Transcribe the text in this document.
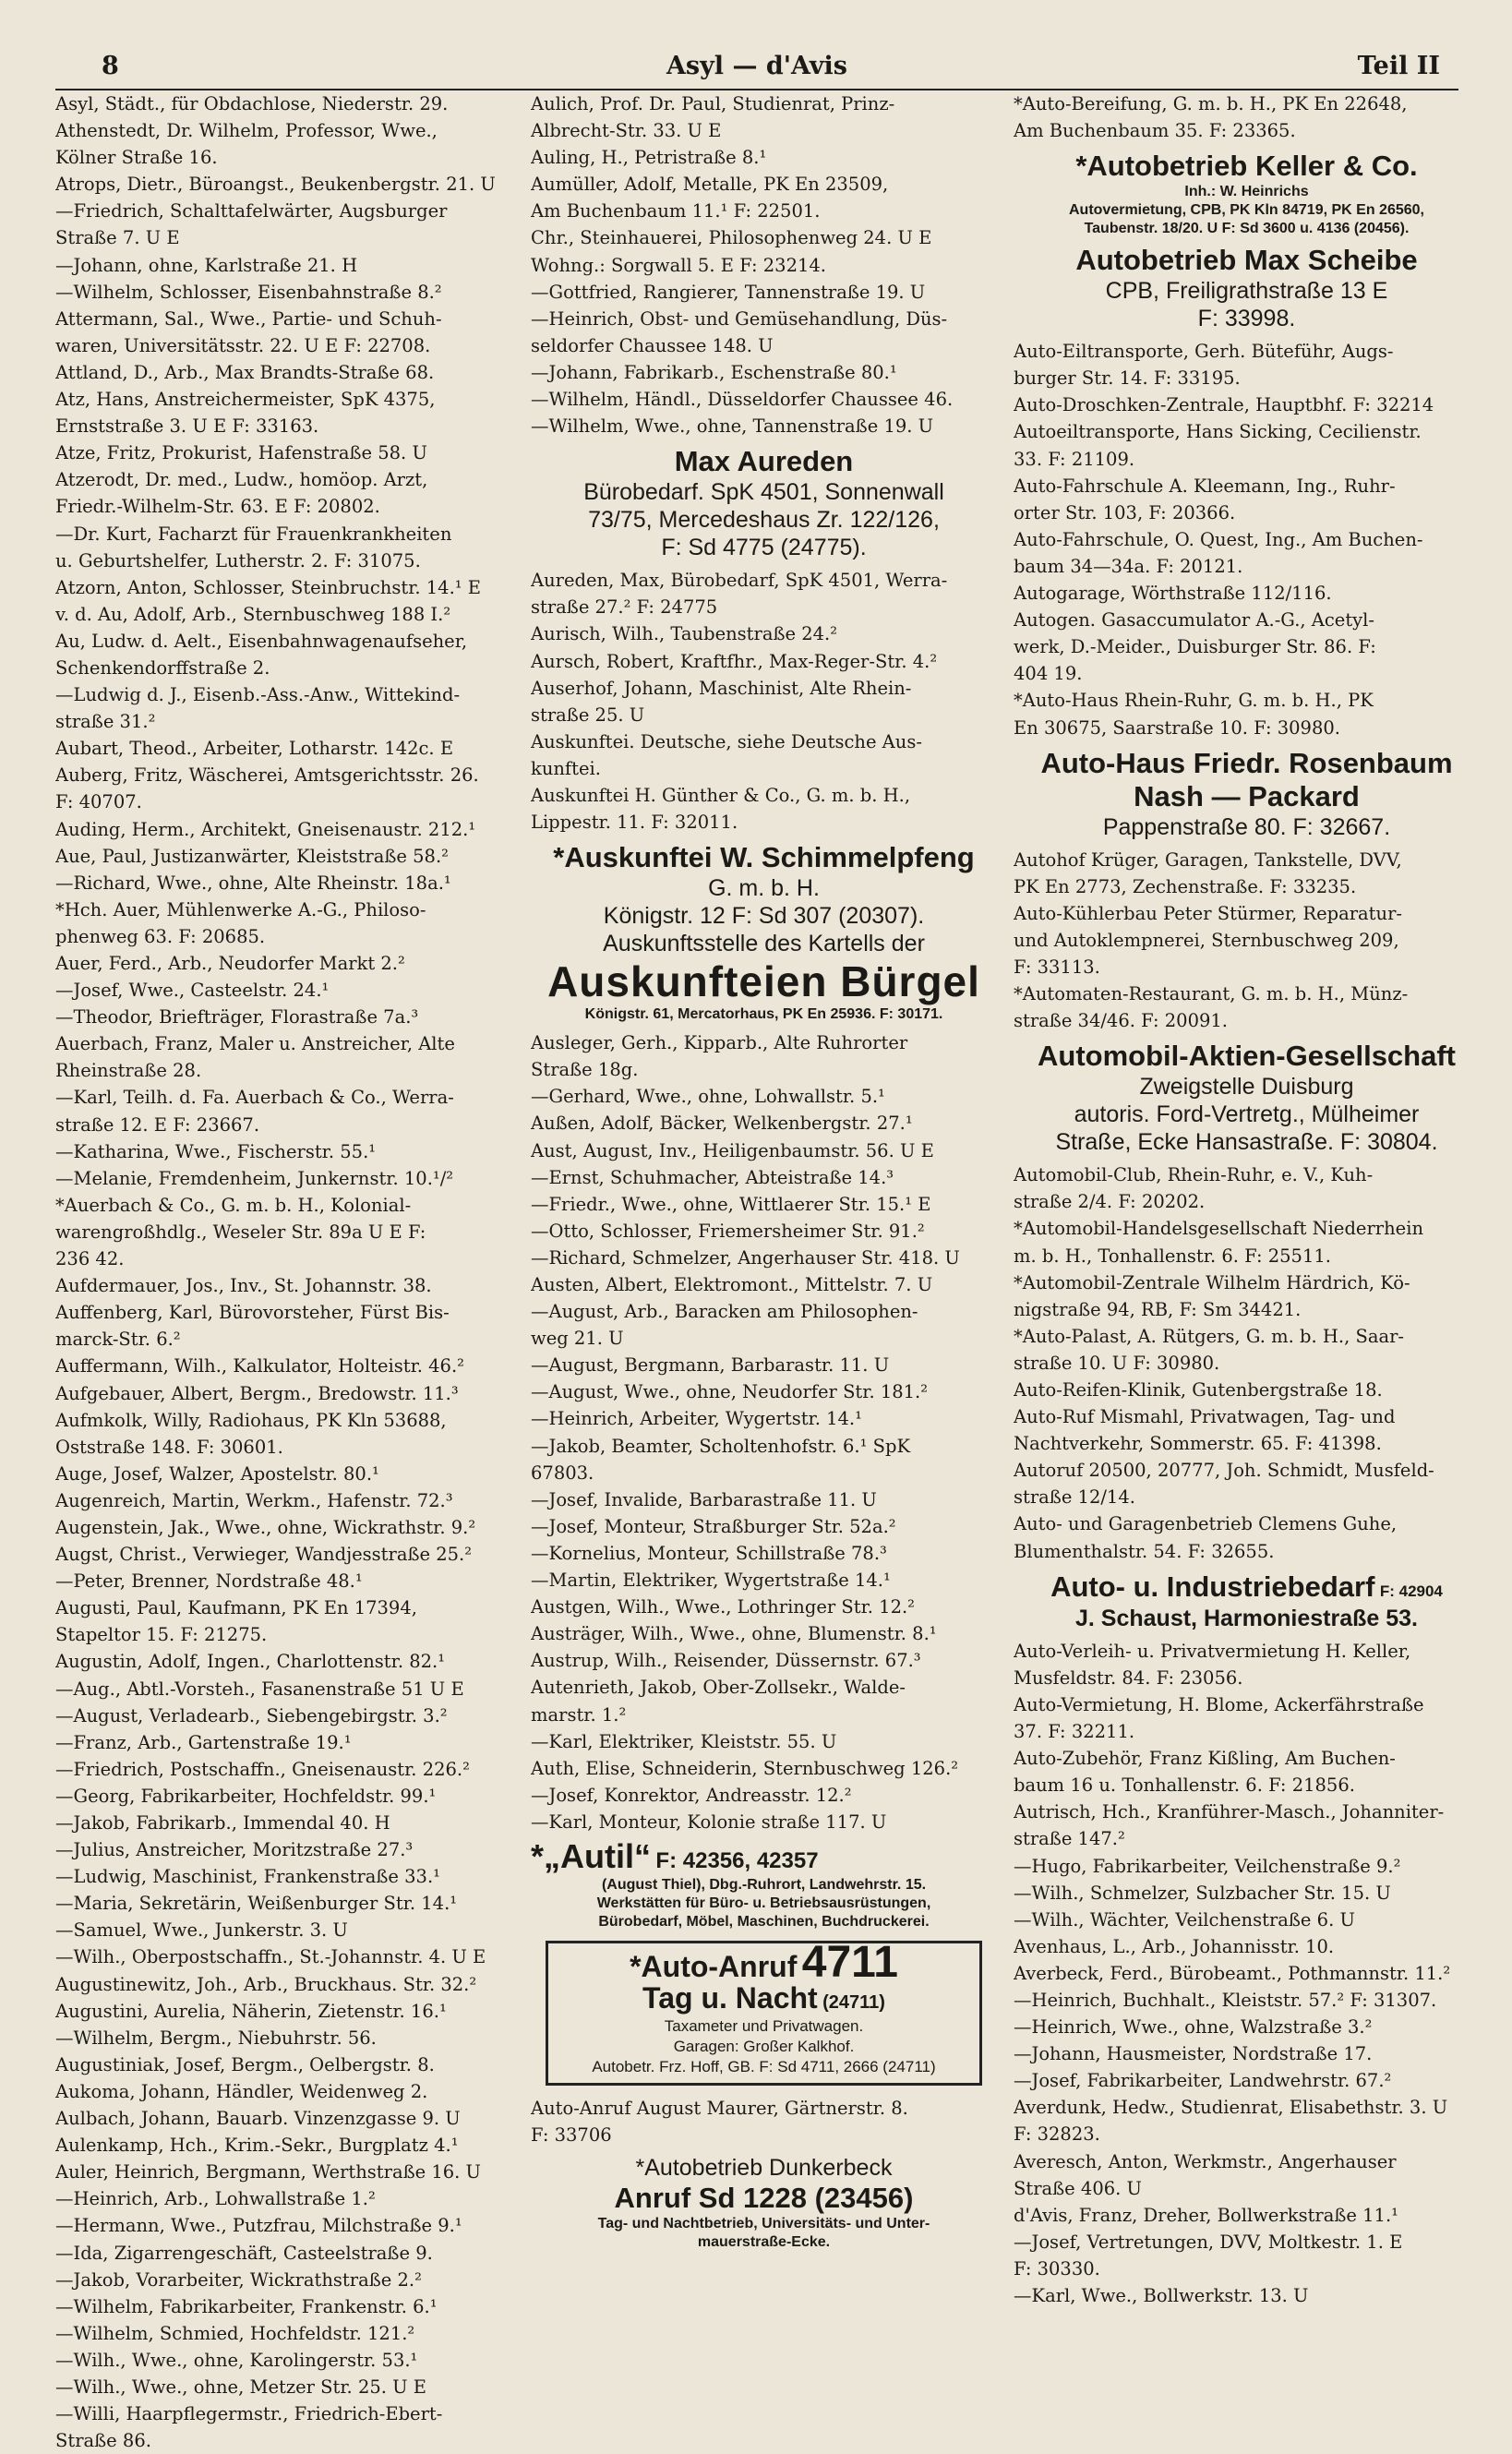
8	Asyl — d'Avis	Teil II

Asyl, Städt., für Obdachlose, Niederstr. 29.

Athenstedt, Dr. Wilhelm, Professor, Wwe.,

Kölner Straße 16.

Atrops, Dietr., Büroangst., Beukenbergstr. 21. U

—Friedrich, Schalttafelwärter, Augsburger

Straße 7. U E

—Johann, ohne, Karlstraße 21. H

—Wilhelm, Schlosser, Eisenbahnstraße 8.²

Attermann, Sal., Wwe., Partie- und Schuh-

waren, Universitätsstr. 22. U E F: 22708.

Attland, D., Arb., Max Brandts-Straße 68.

Atz, Hans, Anstreichermeister, SpK 4375,

Ernststraße 3. U E F: 33163.

Atze, Fritz, Prokurist, Hafenstraße 58. U

Atzerodt, Dr. med., Ludw., homöop. Arzt,

Friedr.-Wilhelm-Str. 63. E F: 20802.

—Dr. Kurt, Facharzt für Frauenkrankheiten

u. Geburtshelfer, Lutherstr. 2. F: 31075.

Atzorn, Anton, Schlosser, Steinbruchstr. 14.¹ E

v. d. Au, Adolf, Arb., Sternbuschweg 188 I.²

Au, Ludw. d. Aelt., Eisenbahnwagenaufseher,

Schenkendorffstraße 2.

—Ludwig d. J., Eisenb.-Ass.-Anw., Wittekind-

straße 31.²

Aubart, Theod., Arbeiter, Lotharstr. 142c. E

Auberg, Fritz, Wäscherei, Amtsgerichtsstr. 26.

F: 40707.

Auding, Herm., Architekt, Gneisenaustr. 212.¹

Aue, Paul, Justizanwärter, Kleiststraße 58.²

—Richard, Wwe., ohne, Alte Rheinstr. 18a.¹

*Hch. Auer, Mühlenwerke A.-G., Philoso-

phenweg 63. F: 20685.

Auer, Ferd., Arb., Neudorfer Markt 2.²

—Josef, Wwe., Casteelstr. 24.¹

—Theodor, Briefträger, Florastraße 7a.³

Auerbach, Franz, Maler u. Anstreicher, Alte

Rheinstraße 28.

—Karl, Teilh. d. Fa. Auerbach & Co., Werra-

straße 12. E F: 23667.

—Katharina, Wwe., Fischerstr. 55.¹

—Melanie, Fremdenheim, Junkernstr. 10.¹/²

*Auerbach & Co., G. m. b. H., Kolonial-

warengroßhdlg., Weseler Str. 89a U E F:

236 42.

Aufdermauer, Jos., Inv., St. Johannstr. 38.

Auffenberg, Karl, Bürovorsteher, Fürst Bis-

marck-Str. 6.²

Auffermann, Wilh., Kalkulator, Holteistr. 46.²

Aufgebauer, Albert, Bergm., Bredowstr. 11.³

Aufmkolk, Willy, Radiohaus, PK Kln 53688,

Oststraße 148. F: 30601.

Auge, Josef, Walzer, Apostelstr. 80.¹

Augenreich, Martin, Werkm., Hafenstr. 72.³

Augenstein, Jak., Wwe., ohne, Wickrathstr. 9.²

Augst, Christ., Verwieger, Wandjesstraße 25.²

—Peter, Brenner, Nordstraße 48.¹

Augusti, Paul, Kaufmann, PK En 17394,

Stapeltor 15. F: 21275.

Augustin, Adolf, Ingen., Charlottenstr. 82.¹

—Aug., Abtl.-Vorsteh., Fasanenstraße 51 U E

—August, Verladearb., Siebengebirgstr. 3.²

—Franz, Arb., Gartenstraße 19.¹

—Friedrich, Postschaffn., Gneisenaustr. 226.²

—Georg, Fabrikarbeiter, Hochfeldstr. 99.¹

—Jakob, Fabrikarb., Immendal 40. H

—Julius, Anstreicher, Moritzstraße 27.³

—Ludwig, Maschinist, Frankenstraße 33.¹

—Maria, Sekretärin, Weißenburger Str. 14.¹

—Samuel, Wwe., Junkerstr. 3. U

—Wilh., Oberpostschaffn., St.-Johannstr. 4. U E

Augustinewitz, Joh., Arb., Bruckhaus. Str. 32.²

Augustini, Aurelia, Näherin, Zietenstr. 16.¹

—Wilhelm, Bergm., Niebuhrstr. 56.

Augustiniak, Josef, Bergm., Oelbergstr. 8.

Aukoma, Johann, Händler, Weidenweg 2.

Aulbach, Johann, Bauarb. Vinzenzgasse 9. U

Aulenkamp, Hch., Krim.-Sekr., Burgplatz 4.¹

Auler, Heinrich, Bergmann, Werthstraße 16. U

—Heinrich, Arb., Lohwallstraße 1.²

—Hermann, Wwe., Putzfrau, Milchstraße 9.¹

—Ida, Zigarrengeschäft, Casteelstraße 9.

—Jakob, Vorarbeiter, Wickrathstraße 2.²

—Wilhelm, Fabrikarbeiter, Frankenstr. 6.¹

—Wilhelm, Schmied, Hochfeldstr. 121.²

—Wilh., Wwe., ohne, Karolingerstr. 53.¹

—Wilh., Wwe., ohne, Metzer Str. 25. U E

—Willi, Haarpflegermstr., Friedrich-Ebert-

Straße 86.

Aulich, Prof. Dr. Paul, Studienrat, Prinz-

Albrecht-Str. 33. U E

Auling, H., Petristraße 8.¹

Aumüller, Adolf, Metalle, PK En 23509,

Am Buchenbaum 11.¹ F: 22501.

Chr., Steinhauerei, Philosophenweg 24. U E

Wohng.: Sorgwall 5. E F: 23214.

—Gottfried, Rangierer, Tannenstraße 19. U

—Heinrich, Obst- und Gemüsehandlung, Düs-

seldorfer Chaussee 148. U

—Johann, Fabrikarb., Eschenstraße 80.¹

—Wilhelm, Händl., Düsseldorfer Chaussee 46.

—Wilhelm, Wwe., ohne, Tannenstraße 19. U

Max Aureden
Bürobedarf. SpK 4501, Sonnenwall
73/75, Mercedeshaus Zr. 122/126,
F: Sd 4775 (24775).

Aureden, Max, Bürobedarf, SpK 4501, Werra-

straße 27.² F: 24775

Aurisch, Wilh., Taubenstraße 24.²

Aursch, Robert, Kraftfhr., Max-Reger-Str. 4.²

Auserhof, Johann, Maschinist, Alte Rhein-

straße 25. U

Auskunftei. Deutsche, siehe Deutsche Aus-

kunftei.

Auskunftei H. Günther & Co., G. m. b. H.,

Lippestr. 11. F: 32011.

*Auskunftei W. Schimmelpfeng
G. m. b. H.
Königstr. 12 F: Sd 307 (20307).
Auskunftsstelle des Kartells der
Auskunfteien Bürgel
Königstr. 61, Mercatorhaus, PK En 25936. F: 30171.

Ausleger, Gerh., Kipparb., Alte Ruhrorter

Straße 18g.

—Gerhard, Wwe., ohne, Lohwallstr. 5.¹

Außen, Adolf, Bäcker, Welkenbergstr. 27.¹

Aust, August, Inv., Heiligenbaumstr. 56. U E

—Ernst, Schuhmacher, Abteistraße 14.³

—Friedr., Wwe., ohne, Wittlaerer Str. 15.¹ E

—Otto, Schlosser, Friemersheimer Str. 91.²

—Richard, Schmelzer, Angerhauser Str. 418. U

Austen, Albert, Elektromont., Mittelstr. 7. U

—August, Arb., Baracken am Philosophen-

weg 21. U

—August, Bergmann, Barbarastr. 11. U

—August, Wwe., ohne, Neudorfer Str. 181.²

—Heinrich, Arbeiter, Wygertstr. 14.¹

—Jakob, Beamter, Scholtenhofstr. 6.¹ SpK

67803.

—Josef, Invalide, Barbarastraße 11. U

—Josef, Monteur, Straßburger Str. 52a.²

—Kornelius, Monteur, Schillstraße 78.³

—Martin, Elektriker, Wygertstraße 14.¹

Austgen, Wilh., Wwe., Lothringer Str. 12.²

Austräger, Wilh., Wwe., ohne, Blumenstr. 8.¹

Austrup, Wilh., Reisender, Düssernstr. 67.³

Autenrieth, Jakob, Ober-Zollsekr., Walde-

marstr. 1.²

—Karl, Elektriker, Kleiststr. 55. U

Auth, Elise, Schneiderin, Sternbuschweg 126.²

—Josef, Konrektor, Andreasstr. 12.²

—Karl, Monteur, Kolonie straße 117. U

*„Autil“ F: 42356, 42357
(August Thiel), Dbg.-Ruhrort, Landwehrstr. 15.
Werkstätten für Büro- u. Betriebsausrüstungen,
Bürobedarf, Möbel, Maschinen, Buchdruckerei.
*Auto-Anruf 4711
Tag u. Nacht (24711)
Taxameter und Privatwagen.
Garagen: Großer Kalkhof.
Autobetr. Frz. Hoff, GB. F: Sd 4711, 2666 (24711)

Auto-Anruf August Maurer, Gärtnerstr. 8.

F: 33706

*Autobetrieb Dunkerbeck
Anruf Sd 1228 (23456)
Tag- und Nachtbetrieb, Universitäts- und Unter-
mauerstraße-Ecke.

*Auto-Bereifung, G. m. b. H., PK En 22648,

Am Buchenbaum 35. F: 23365.

*Autobetrieb Keller & Co.
Inh.: W. Heinrichs
Autovermietung, CPB, PK Kln 84719, PK En 26560,
Taubenstr. 18/20. U F: Sd 3600 u. 4136 (20456).
Autobetrieb Max Scheibe
CPB, Freiligrathstraße 13 E
F: 33998.

Auto-Eiltransporte, Gerh. Büteführ, Augs-

burger Str. 14. F: 33195.

Auto-Droschken-Zentrale, Hauptbhf. F: 32214

Autoeiltransporte, Hans Sicking, Cecilienstr.

33. F: 21109.

Auto-Fahrschule A. Kleemann, Ing., Ruhr-

orter Str. 103, F: 20366.

Auto-Fahrschule, O. Quest, Ing., Am Buchen-

baum 34—34a. F: 20121.

Autogarage, Wörthstraße 112/116.

Autogen. Gasaccumulator A.-G., Acetyl-

werk, D.-Meider., Duisburger Str. 86. F:

404 19.

*Auto-Haus Rhein-Ruhr, G. m. b. H., PK

En 30675, Saarstraße 10. F: 30980.

Auto-Haus Friedr. Rosenbaum
Nash — Packard
Pappenstraße 80. F: 32667.

Autohof Krüger, Garagen, Tankstelle, DVV,

PK En 2773, Zechenstraße. F: 33235.

Auto-Kühlerbau Peter Stürmer, Reparatur-

und Autoklempnerei, Sternbuschweg 209,

F: 33113.

*Automaten-Restaurant, G. m. b. H., Münz-

straße 34/46. F: 20091.

Automobil-Aktien-Gesellschaft
Zweigstelle Duisburg
autoris. Ford-Vertretg., Mülheimer
Straße, Ecke Hansastraße. F: 30804.

Automobil-Club, Rhein-Ruhr, e. V., Kuh-

straße 2/4. F: 20202.

*Automobil-Handelsgesellschaft Niederrhein

m. b. H., Tonhallenstr. 6. F: 25511.

*Automobil-Zentrale Wilhelm Härdrich, Kö-

nigstraße 94, RB, F: Sm 34421.

*Auto-Palast, A. Rütgers, G. m. b. H., Saar-

straße 10. U F: 30980.

Auto-Reifen-Klinik, Gutenbergstraße 18.

Auto-Ruf Mismahl, Privatwagen, Tag- und

Nachtverkehr, Sommerstr. 65. F: 41398.

Autoruf 20500, 20777, Joh. Schmidt, Musfeld-

straße 12/14.

Auto- und Garagenbetrieb Clemens Guhe,

Blumenthalstr. 54. F: 32655.

Auto- u. Industriebedarf F: 42904
J. Schaust, Harmoniestraße 53.

Auto-Verleih- u. Privatvermietung H. Keller,

Musfeldstr. 84. F: 23056.

Auto-Vermietung, H. Blome, Ackerfährstraße

37. F: 32211.

Auto-Zubehör, Franz Kißling, Am Buchen-

baum 16 u. Tonhallenstr. 6. F: 21856.

Autrisch, Hch., Kranführer-Masch., Johanniter-

straße 147.²

—Hugo, Fabrikarbeiter, Veilchenstraße 9.²

—Wilh., Schmelzer, Sulzbacher Str. 15. U

—Wilh., Wächter, Veilchenstraße 6. U

Avenhaus, L., Arb., Johannisstr. 10.

Averbeck, Ferd., Bürobeamt., Pothmannstr. 11.²

—Heinrich, Buchhalt., Kleiststr. 57.² F: 31307.

—Heinrich, Wwe., ohne, Walzstraße 3.²

—Johann, Hausmeister, Nordstraße 17.

—Josef, Fabrikarbeiter, Landwehrstr. 67.²

Averdunk, Hedw., Studienrat, Elisabethstr. 3. U

F: 32823.

Averesch, Anton, Werkmstr., Angerhauser

Straße 406. U

d'Avis, Franz, Dreher, Bollwerkstraße 11.¹

—Josef, Vertretungen, DVV, Moltkestr. 1. E

F: 30330.

—Karl, Wwe., Bollwerkstr. 13. U
